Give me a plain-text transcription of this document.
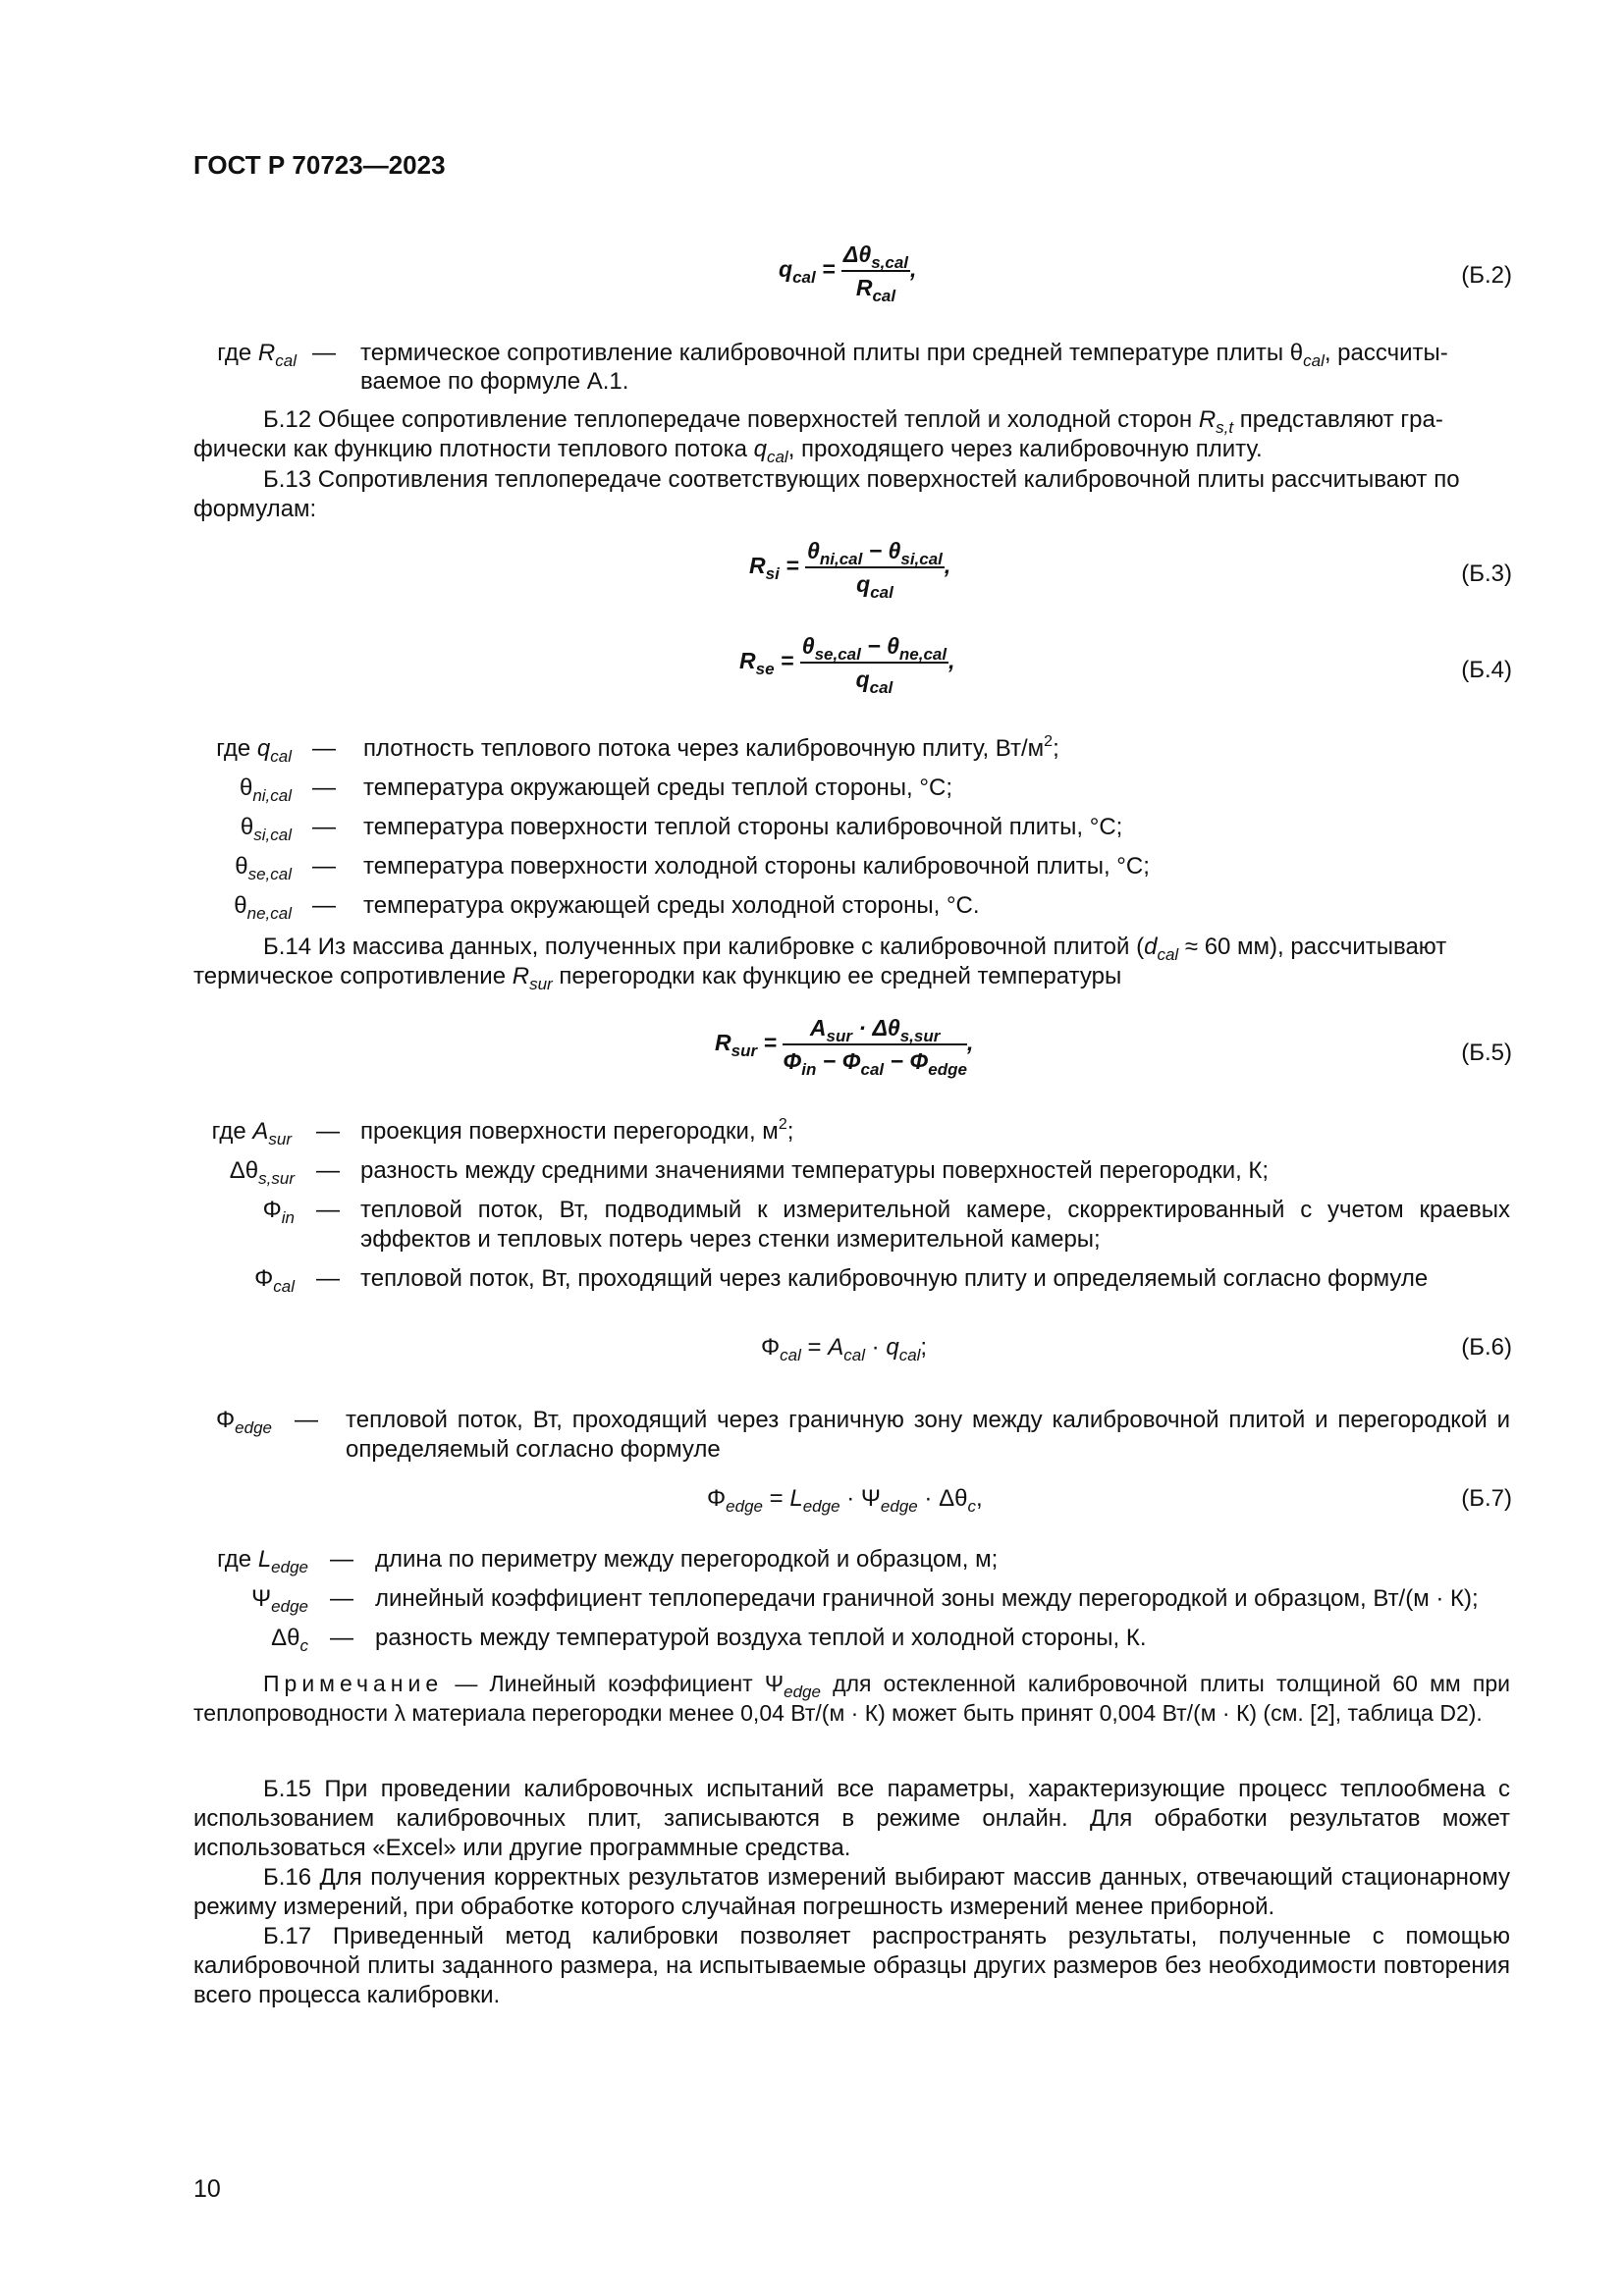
ГОСТ Р 70723—2023
$q_{cal} = \frac{\Delta\theta_{s,cal}}{R_{cal}}$ ,	(Б.2)
где $R_{cal}$ —	термическое сопротивление калибровочной плиты при средней температуре плиты $\theta_{cal}$, рассчиты-
ваемое по формуле А.1.
Б.12 Общее сопротивление теплопередаче поверхностей теплой и холодной сторон $R_{s,t}$ представляют гра-
фически как функцию плотности теплового потока $q_{cal}$, проходящего через калибровочную плиту.
Б.13 Сопротивления теплопередаче соответствующих поверхностей калибровочной плиты рассчитывают по
формулам:
$R_{si} = \frac{\theta_{ni,cal} - \theta_{si,cal}}{q_{cal}}$ ,	(Б.3)
$R_{se} = \frac{\theta_{se,cal} - \theta_{ne,cal}}{q_{cal}}$ ,	(Б.4)
где $q_{cal}$ —	плотность теплового потока через калибровочную плиту, $Вт/м^2$;
$\theta_{ni,cal}$ —	температура окружающей среды теплой стороны, °С;
$\theta_{si,cal}$ —	температура поверхности теплой стороны калибровочной плиты, °С;
$\theta_{se,cal}$ —	температура поверхности холодной стороны калибровочной плиты, °С;
$\theta_{ne,cal}$ —	температура окружающей среды холодной стороны, °С.
Б.14 Из массива данных, полученных при калибровке с калибровочной плитой ($d_{cal} \approx 60$ мм), рассчитывают
термическое сопротивление $R_{sur}$ перегородки как функцию ее средней температуры
$R_{sur} = \frac{A_{sur} \cdot \Delta\theta_{s,sur}}{\Phi_{in} - \Phi_{cal} - \Phi_{edge}}$ ,	(Б.5)
где $A_{sur}$ — проекция поверхности перегородки, $м^2$;
$\Delta\theta_{s,sur}$ — разность между средними значениями температуры поверхностей перегородки, К;
$\Phi_{in}$ — тепловой поток, Вт, подводимый к измерительной камере, скорректированный с учетом краевых эффектов и тепловых потерь через стенки измерительной камеры;
$\Phi_{cal}$ — тепловой поток, Вт, проходящий через калибровочную плиту и определяемый согласно формуле
$\Phi_{cal} = A_{cal} \cdot q_{cal}$;	(Б.6)
$\Phi_{edge}$ —	тепловой поток, Вт, проходящий через граничную зону между калибровочной плитой и перегородкой и определяемый согласно формуле
$\Phi_{edge} = L_{edge} \cdot \Psi_{edge} \cdot \Delta\theta_c$,	(Б.7)
где $L_{edge}$ — длина по периметру между перегородкой и образцом, м;
$\Psi_{edge}$ — линейный коэффициент теплопередачи граничной зоны между перегородкой и образцом, Вт/(м · К);
$\Delta\theta_c$ — разность между температурой воздуха теплой и холодной стороны, К.
Примечание — Линейный коэффициент $\Psi_{edge}$ для остекленной калибровочной плиты толщиной 60 мм при теплопроводности λ материала перегородки менее 0,04 Вт/(м · К) может быть принят 0,004 Вт/(м · К) (см. [2], таблица D2).
Б.15 При проведении калибровочных испытаний все параметры, характеризующие процесс теплообмена с использованием калибровочных плит, записываются в режиме онлайн. Для обработки результатов может использоваться «Excel» или другие программные средства.
Б.16 Для получения корректных результатов измерений выбирают массив данных, отвечающий стационарному режиму измерений, при обработке которого случайная погрешность измерений менее приборной.
Б.17 Приведенный метод калибровки позволяет распространять результаты, полученные с помощью калибровочной плиты заданного размера, на испытываемые образцы других размеров без необходимости повторения всего процесса калибровки.
10
